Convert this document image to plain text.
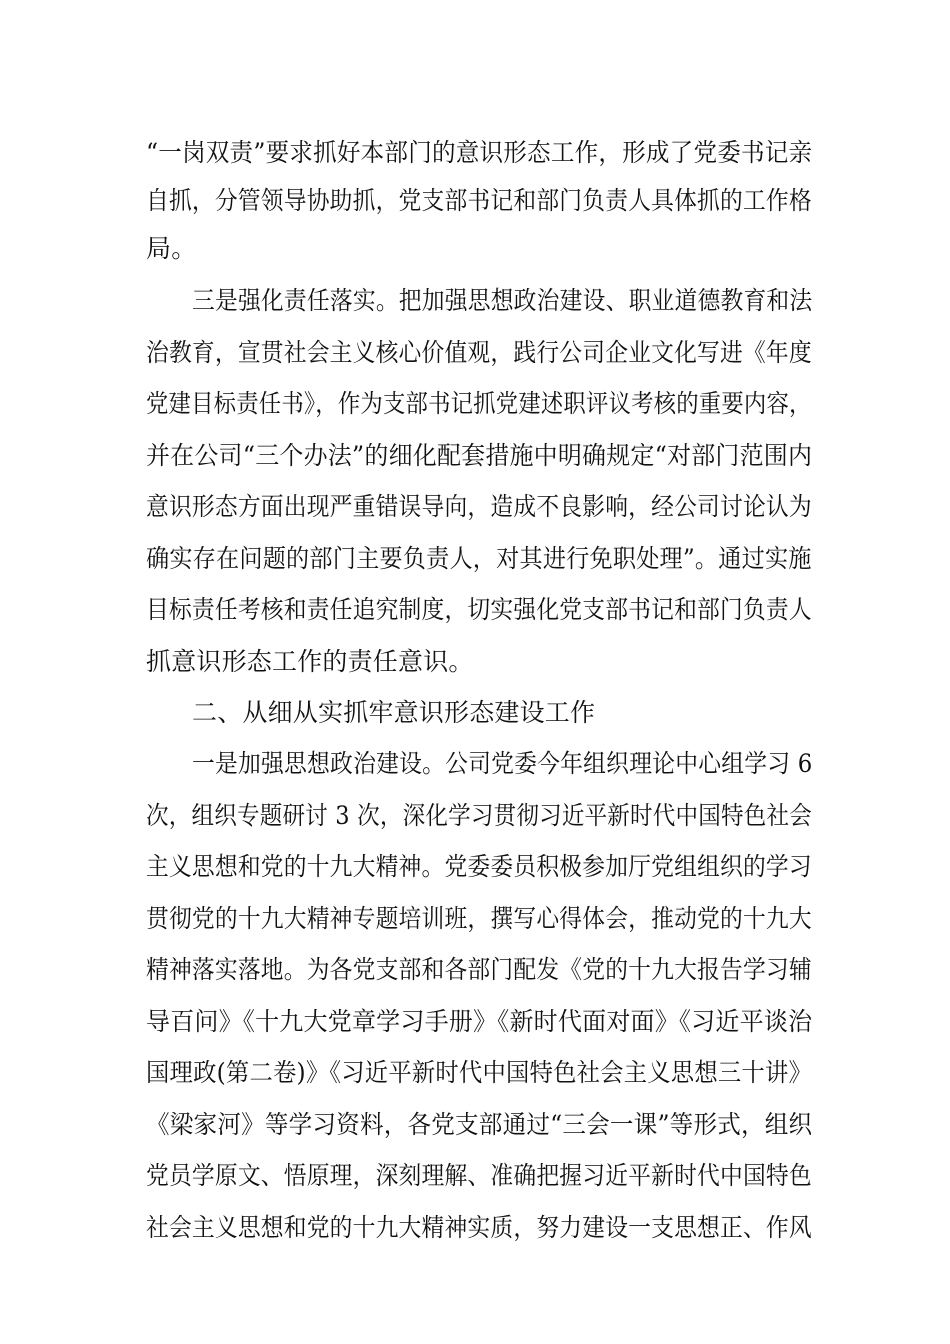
“一岗双责”要求抓好本部门的意识形态工作，形成了党委书记亲
自抓，分管领导协助抓，党支部书记和部门负责人具体抓的工作格
局。
三是强化责任落实。把加强思想政治建设、职业道德教育和法
治教育，宣贯社会主义核心价值观，践行公司企业文化写进《年度
党建目标责任书》，作为支部书记抓党建述职评议考核的重要内容，
并在公司“三个办法”的细化配套措施中明确规定“对部门范围内
意识形态方面出现严重错误导向，造成不良影响，经公司讨论认为
确实存在问题的部门主要负责人，对其进行免职处理”。通过实施
目标责任考核和责任追究制度，切实强化党支部书记和部门负责人
抓意识形态工作的责任意识。
二、从细从实抓牢意识形态建设工作
一是加强思想政治建设。公司党委今年组织理论中心组学习 6
次，组织专题研讨 3 次，深化学习贯彻习近平新时代中国特色社会
主义思想和党的十九大精神。党委委员积极参加厅党组组织的学习
贯彻党的十九大精神专题培训班，撰写心得体会，推动党的十九大
精神落实落地。为各党支部和各部门配发《党的十九大报告学习辅
导百问》《十九大党章学习手册》《新时代面对面》《习近平谈治
国理政(第二卷)》《习近平新时代中国特色社会主义思想三十讲》
《梁家河》等学习资料，各党支部通过“三会一课”等形式，组织
党员学原文、悟原理，深刻理解、准确把握习近平新时代中国特色
社会主义思想和党的十九大精神实质，努力建设一支思想正、作风
